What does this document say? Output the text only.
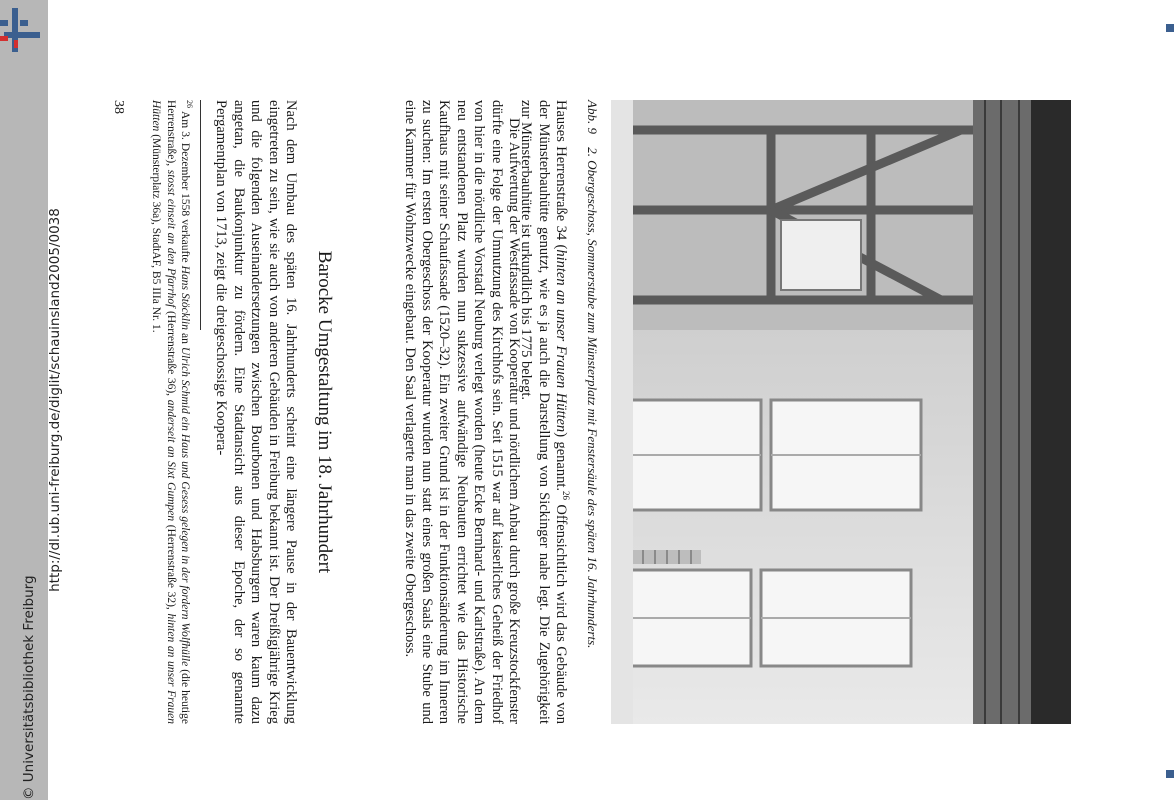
http://dl.ub.uni-freiburg.de/diglit/schauinsland2005/0038
© Universitätsbibliothek Freiburg
Abb. 9 2. Obergeschoss, Sommerstube zum Münsterplatz mit Fenstersäule des späten 16. Jahrhunderts.
Hauses Herrenstraße 34 (hinten an unser Frauen Hütten) genannt.$^{26}$ Offensichtlich wird das Gebäude von der Münsterbauhütte genutzt, wie es ja auch die Darstellung von Sickinger nahe legt. Die Zugehörigkeit zur Münsterbauhütte ist urkundlich bis 1775 belegt.
Die Aufwertung der Westfassade von Kooperatur und nördlichem Anbau durch große Kreuzstockfenster dürfte eine Folge der Umnutzung des Kirchhofs sein. Seit 1515 war auf kaiserliches Geheiß der Friedhof von hier in die nördliche Vorstadt Neuburg verlegt worden (heute Ecke Bernhard- und Karlstraße). An dem neu entstandenen Platz wurden nun sukzessive aufwändige Neubauten errichtet wie das Historische Kaufhaus mit seiner Schaufassade (1520–32). Ein zweiter Grund ist in der Funktionsänderung im Inneren zu suchen: Im ersten Obergeschoss der Kooperatur wurden nun statt eines großen Saals eine Stube und eine Kammer für Wohnzwecke eingebaut. Den Saal verlagerte man in das zweite Obergeschoss.
Barocke Umgestaltung im 18. Jahrhundert
Nach dem Umbau des späten 16. Jahrhunderts scheint eine längere Pause in der Bauentwicklung eingetreten zu sein, wie sie auch von anderen Gebäuden in Freiburg bekannt ist. Der Dreißigjährige Krieg und die folgenden Auseinandersetzungen zwischen Bourbonen und Habsburgern waren kaum dazu angetan, die Baukonjunktur zu fördern. Eine Stadtansicht aus dieser Epoche, der so genannte Pergamentplan von 1713, zeigt die dreigeschossige Koopera-
$^{26}$Am 3. Dezember 1558 verkaufte Hans Stöcklin an Ulrich Schmid ein Haus und Gesess gelegen in der fordern Wolfhülle (die heutige Herrenstraße), stosst einseit an den Pfarrhof (Herrenstraße 36), anderseit an Sixt Gumpen (Herrenstraße 32), hinten an unser Frauen Hütten (Münsterplatz 36a), StadtAF, B5 IIIa Nr. 1.
38
